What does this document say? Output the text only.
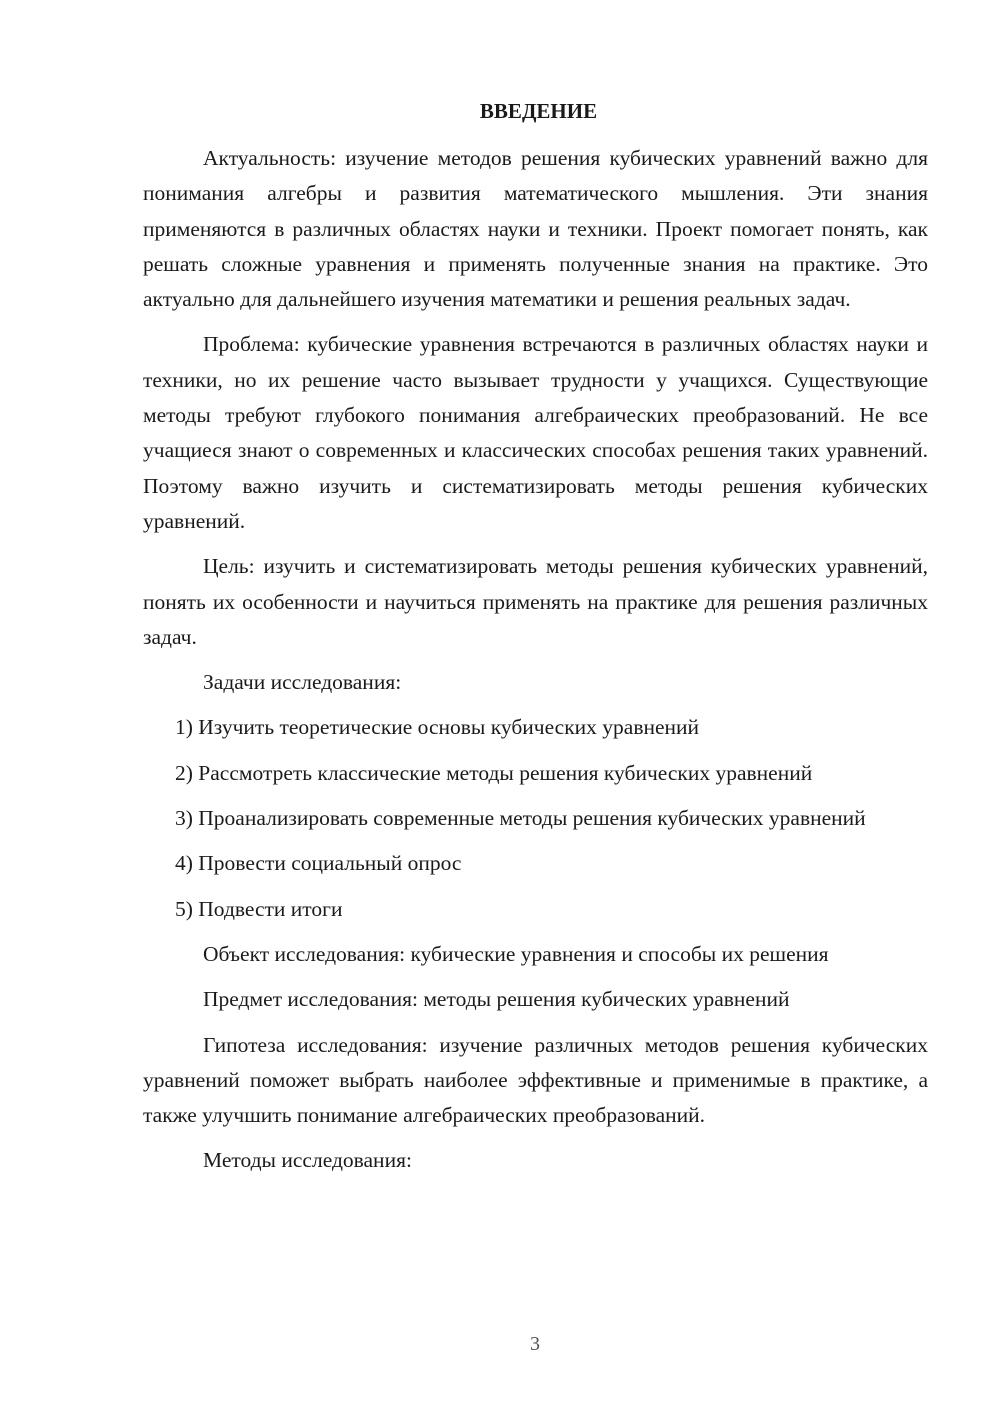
ВВЕДЕНИЕ

Актуальность: изучение методов решения кубических уравнений важно для понимания алгебры и развития математического мышления. Эти знания применяются в различных областях науки и техники. Проект помогает понять, как решать сложные уравнения и применять полученные знания на практике. Это актуально для дальнейшего изучения математики и решения реальных задач.

Проблема: кубические уравнения встречаются в различных областях науки и техники, но их решение часто вызывает трудности у учащихся. Существующие методы требуют глубокого понимания алгебраических преобразований. Не все учащиеся знают о современных и классических способах решения таких уравнений. Поэтому важно изучить и систематизировать методы решения кубических уравнений.

Цель: изучить и систематизировать методы решения кубических уравнений, понять их особенности и научиться применять на практике для решения различных задач.

Задачи исследования:

1) Изучить теоретические основы кубических уравнений

2) Рассмотреть классические методы решения кубических уравнений

3) Проанализировать современные методы решения кубических уравнений

4) Провести социальный опрос

5) Подвести итоги

Объект исследования: кубические уравнения и способы их решения

Предмет исследования: методы решения кубических уравнений

Гипотеза исследования: изучение различных методов решения кубических уравнений поможет выбрать наиболее эффективные и применимые в практике, а также улучшить понимание алгебраических преобразований.

Методы исследования:

3
